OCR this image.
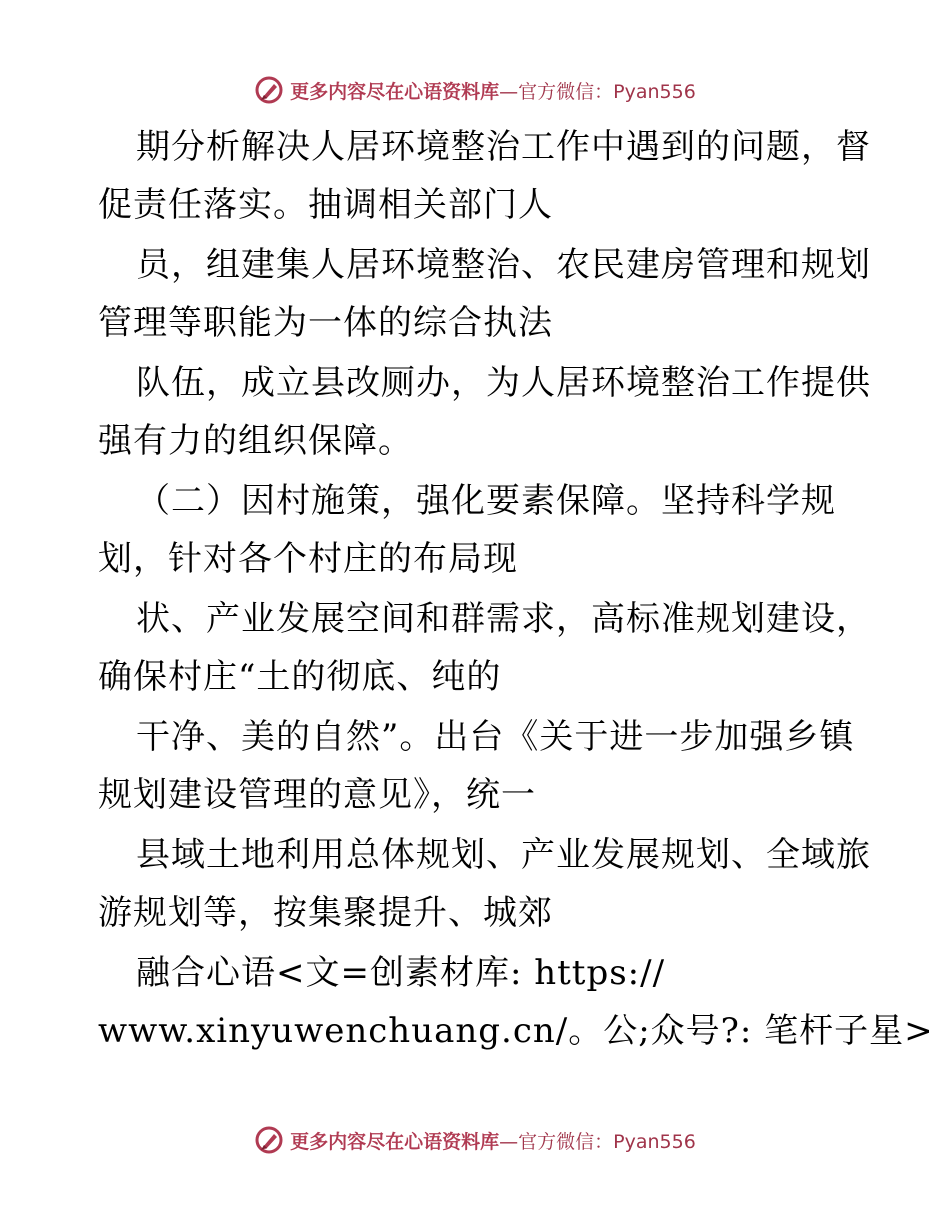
更多内容尽在心语资料库—官方微信：Pyan556
期分析解决人居环境整治工作中遇到的问题，督
促责任落实。抽调相关部门人
员，组建集人居环境整治、农民建房管理和规划
管理等职能为一体的综合执法
队伍，成立县改厕办，为人居环境整治工作提供
强有力的组织保障。
（二）因村施策，强化要素保障。坚持科学规
划，针对各个村庄的布局现
状、产业发展空间和群需求，高标准规划建设，
确保村庄“土的彻底、纯的
干净、美的自然”。出台《关于进一步加强乡镇
规划建设管理的意见》，统一
县域土地利用总体规划、产业发展规划、全域旅
游规划等，按集聚提升、城郊
融合心语<文=创素材库: https://
www.xinyuwenchuang.cn/。公;众号?: 笔杆子星>
更多内容尽在心语资料库—官方微信：Pyan556
